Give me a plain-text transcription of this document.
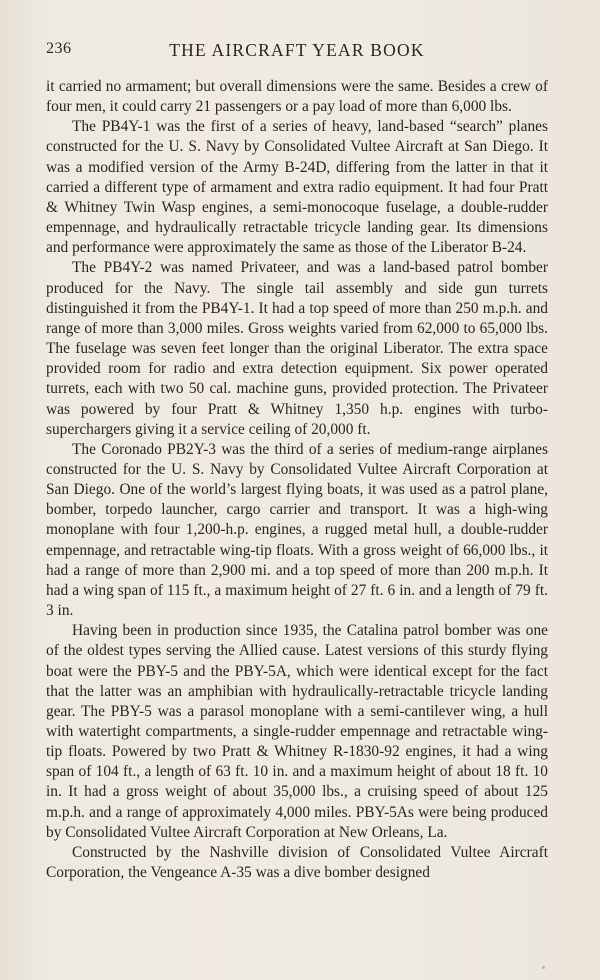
236	THE AIRCRAFT YEAR BOOK

it carried no armament; but overall dimensions were the same. Besides a crew of four men, it could carry 21 passengers or a pay load of more than 6,000 lbs.

The PB4Y-1 was the first of a series of heavy, land-based “search” planes constructed for the U. S. Navy by Consolidated Vultee Aircraft at San Diego. It was a modified version of the Army B-24D, differing from the latter in that it carried a different type of armament and extra radio equipment. It had four Pratt & Whitney Twin Wasp engines, a semi-monocoque fuselage, a double-rudder empennage, and hydraulically retractable tricycle landing gear. Its dimensions and performance were approximately the same as those of the Liberator B-24.

The PB4Y-2 was named Privateer, and was a land-based patrol bomber produced for the Navy. The single tail assembly and side gun turrets distinguished it from the PB4Y-1. It had a top speed of more than 250 m.p.h. and range of more than 3,000 miles. Gross weights varied from 62,000 to 65,000 lbs. The fuselage was seven feet longer than the original Liberator. The extra space provided room for radio and extra detection equipment. Six power operated turrets, each with two 50 cal. machine guns, provided protection. The Privateer was powered by four Pratt & Whitney 1,350 h.p. engines with turbo-superchargers giving it a service ceiling of 20,000 ft.

The Coronado PB2Y-3 was the third of a series of medium-range airplanes constructed for the U. S. Navy by Consolidated Vultee Aircraft Corporation at San Diego. One of the world’s largest flying boats, it was used as a patrol plane, bomber, torpedo launcher, cargo carrier and transport. It was a high-wing monoplane with four 1,200-h.p. engines, a rugged metal hull, a double-rudder empennage, and retractable wing-tip floats. With a gross weight of 66,000 lbs., it had a range of more than 2,900 mi. and a top speed of more than 200 m.p.h. It had a wing span of 115 ft., a maximum height of 27 ft. 6 in. and a length of 79 ft. 3 in.

Having been in production since 1935, the Catalina patrol bomber was one of the oldest types serving the Allied cause. Latest versions of this sturdy flying boat were the PBY-5 and the PBY-5A, which were identical except for the fact that the latter was an amphibian with hydraulically-retractable tricycle landing gear. The PBY-5 was a parasol monoplane with a semi-cantilever wing, a hull with watertight compartments, a single-rudder empennage and retractable wing-tip floats. Powered by two Pratt & Whitney R-1830-92 engines, it had a wing span of 104 ft., a length of 63 ft. 10 in. and a maximum height of about 18 ft. 10 in. It had a gross weight of about 35,000 lbs., a cruising speed of about 125 m.p.h. and a range of approximately 4,000 miles. PBY-5As were being produced by Consolidated Vultee Aircraft Corporation at New Orleans, La.

Constructed by the Nashville division of Consolidated Vultee Aircraft Corporation, the Vengeance A-35 was a dive bomber designed
